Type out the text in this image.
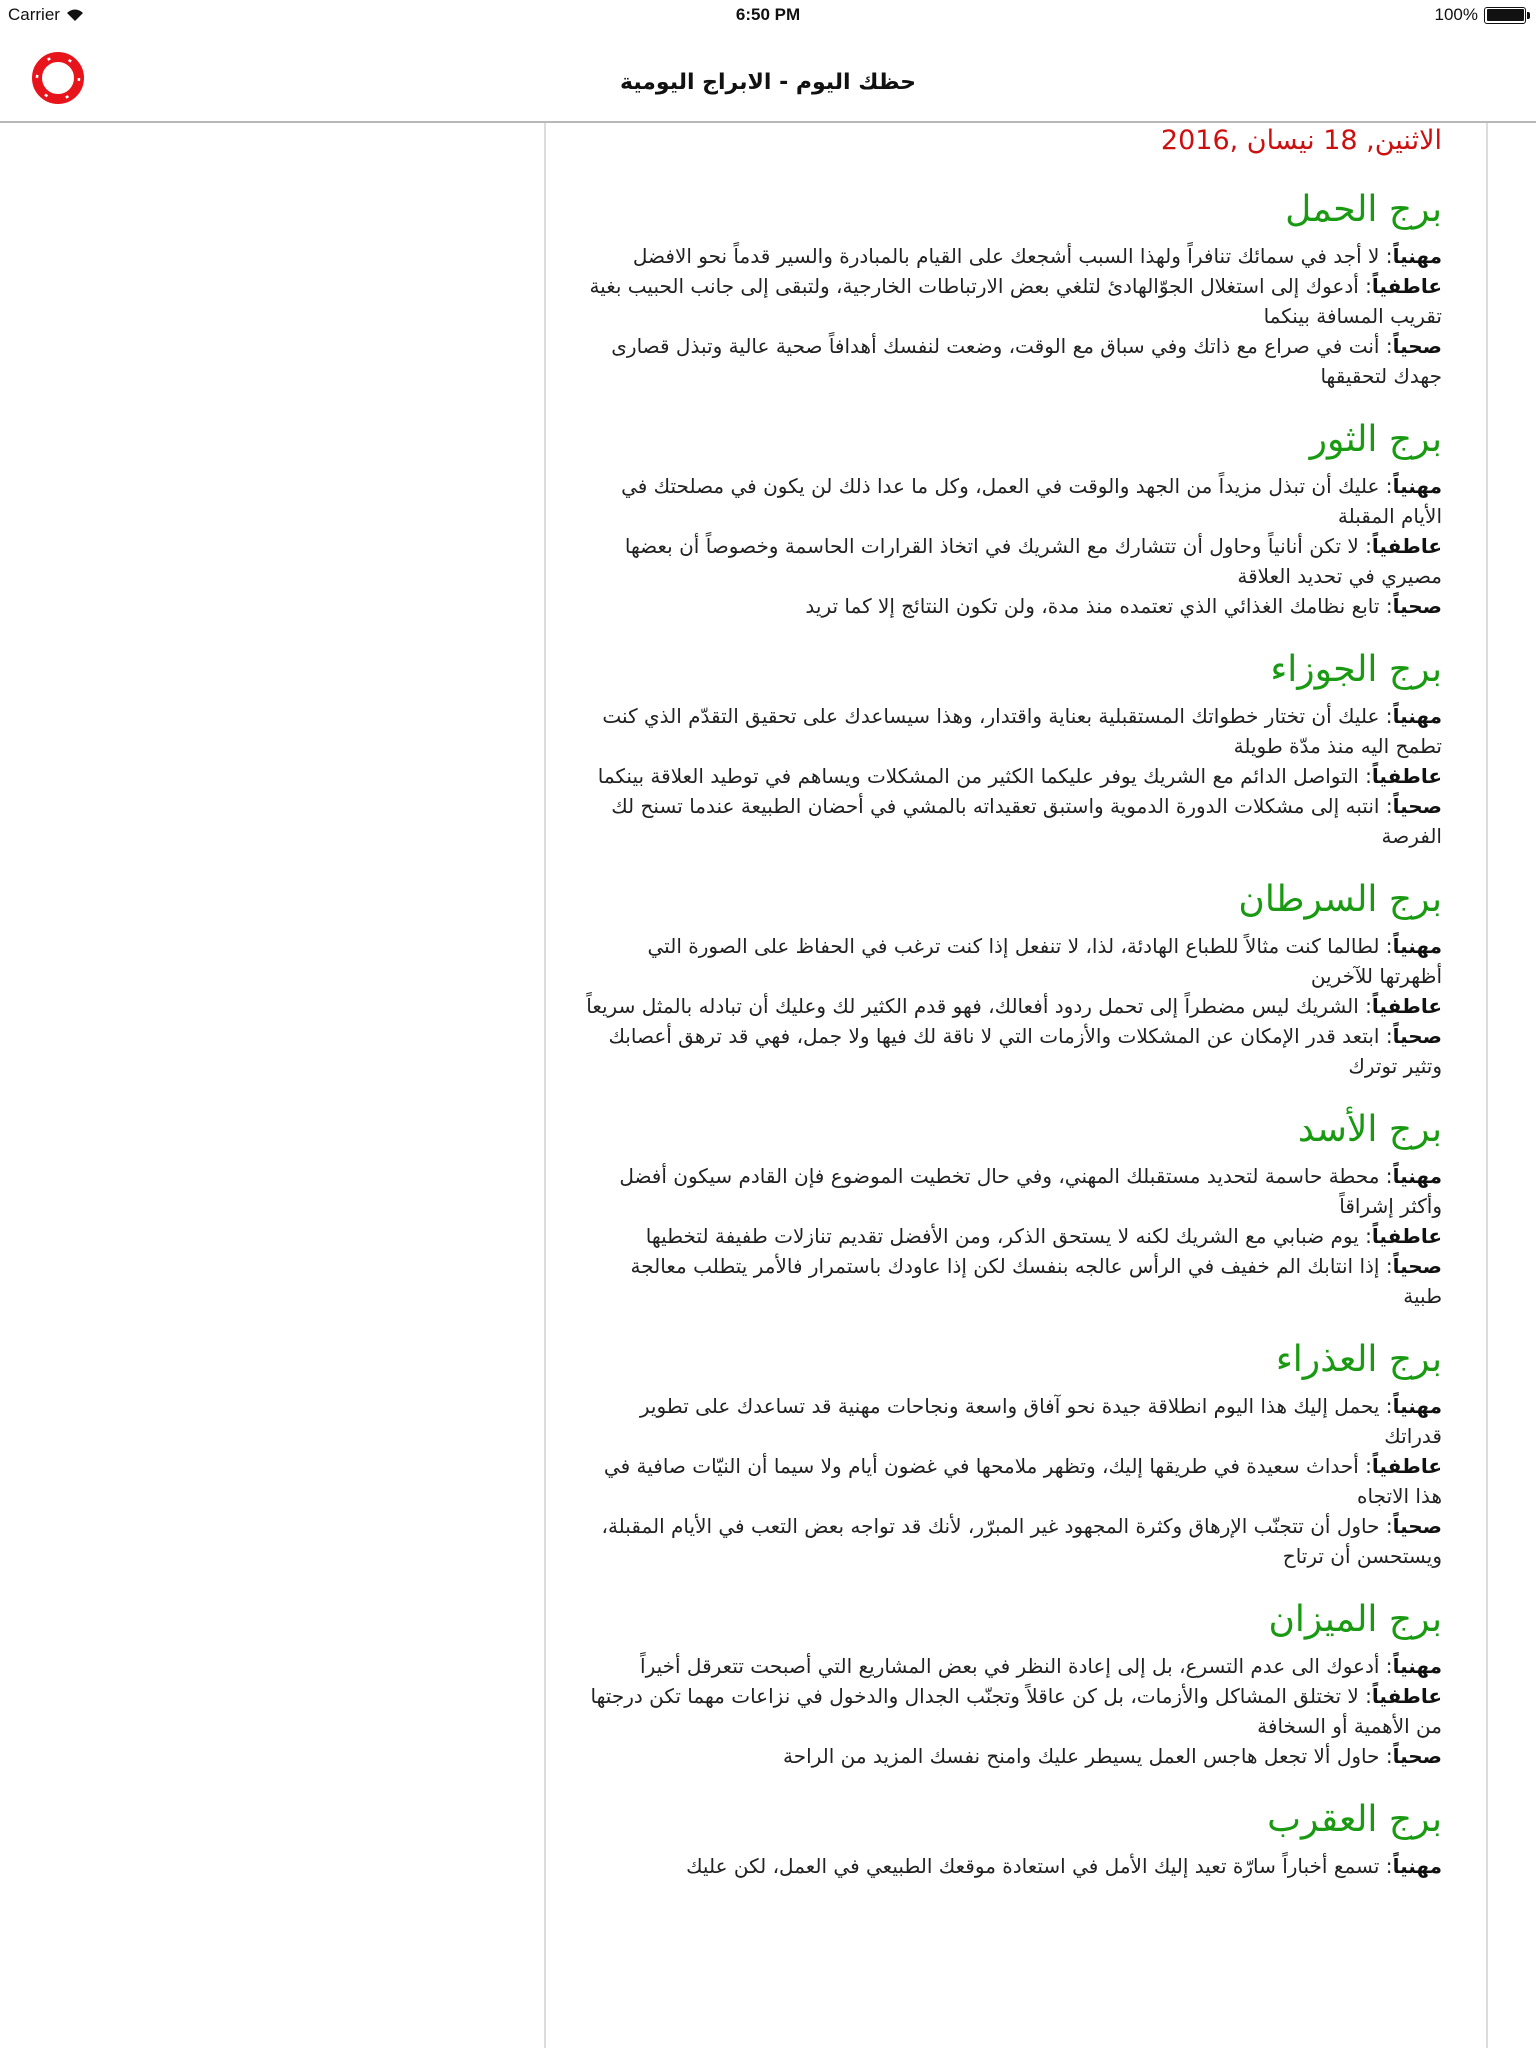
Carrier	6:50 PM	100%
حظك اليوم - الابراج اليومية
الاثنين, 18 نيسان ,2016
برج الحمل
مهنياً: لا أجد في سمائك تنافراً ولهذا السبب أشجعك على القيام بالمبادرة والسير قدماً نحو الافضل
عاطفياً: أدعوك إلى استغلال الجوّالهادئ لتلغي بعض الارتباطات الخارجية، ولتبقى إلى جانب الحبيب بغية تقريب المسافة بينكما
صحياً: أنت في صراع مع ذاتك وفي سباق مع الوقت، وضعت لنفسك أهدافاً صحية عالية وتبذل قصارى جهدك لتحقيقها
برج الثور
مهنياً: عليك أن تبذل مزيداً من الجهد والوقت في العمل، وكل ما عدا ذلك لن يكون في مصلحتك في الأيام المقبلة
عاطفياً: لا تكن أنانياً وحاول أن تتشارك مع الشريك في اتخاذ القرارات الحاسمة وخصوصاً أن بعضها مصيري في تحديد العلاقة
صحياً: تابع نظامك الغذائي الذي تعتمده منذ مدة، ولن تكون النتائج إلا كما تريد
برج الجوزاء
مهنياً: عليك أن تختار خطواتك المستقبلية بعناية واقتدار، وهذا سيساعدك على تحقيق التقدّم الذي كنت تطمح اليه منذ مدّة طويلة
عاطفياً: التواصل الدائم مع الشريك يوفر عليكما الكثير من المشكلات ويساهم في توطيد العلاقة بينكما
صحياً: انتبه إلى مشكلات الدورة الدموية واستبق تعقيداته بالمشي في أحضان الطبيعة عندما تسنح لك الفرصة
برج السرطان
مهنياً: لطالما كنت مثالاً للطباع الهادئة، لذا، لا تنفعل إذا كنت ترغب في الحفاظ على الصورة التي أظهرتها للآخرين
عاطفياً: الشريك ليس مضطراً إلى تحمل ردود أفعالك، فهو قدم الكثير لك وعليك أن تبادله بالمثل سريعاً
صحياً: ابتعد قدر الإمكان عن المشكلات والأزمات التي لا ناقة لك فيها ولا جمل، فهي قد ترهق أعصابك وتثير توترك
برج الأسد
مهنياً: محطة حاسمة لتحديد مستقبلك المهني، وفي حال تخطيت الموضوع فإن القادم سيكون أفضل وأكثر إشراقاً
عاطفياً: يوم ضبابي مع الشريك لكنه لا يستحق الذكر، ومن الأفضل تقديم تنازلات طفيفة لتخطيها
صحياً: إذا انتابك الم خفيف في الرأس عالجه بنفسك لكن إذا عاودك باستمرار فالأمر يتطلب معالجة طبية
برج العذراء
مهنياً: يحمل إليك هذا اليوم انطلاقة جيدة نحو آفاق واسعة ونجاحات مهنية قد تساعدك على تطوير قدراتك
عاطفياً: أحداث سعيدة في طريقها إليك، وتظهر ملامحها في غضون أيام ولا سيما أن النيّات صافية في هذا الاتجاه
صحياً: حاول أن تتجنّب الإرهاق وكثرة المجهود غير المبرّر، لأنك قد تواجه بعض التعب في الأيام المقبلة، ويستحسن أن ترتاح
برج الميزان
مهنياً: أدعوك الى عدم التسرع، بل إلى إعادة النظر في بعض المشاريع التي أصبحت تتعرقل أخيراً
عاطفياً: لا تختلق المشاكل والأزمات، بل كن عاقلاً وتجنّب الجدال والدخول في نزاعات مهما تكن درجتها من الأهمية أو السخافة
صحياً: حاول ألا تجعل هاجس العمل يسيطر عليك وامنح نفسك المزيد من الراحة
برج العقرب
مهنياً: تسمع أخباراً سارّة تعيد إليك الأمل في استعادة موقعك الطبيعي في العمل، لكن عليك
